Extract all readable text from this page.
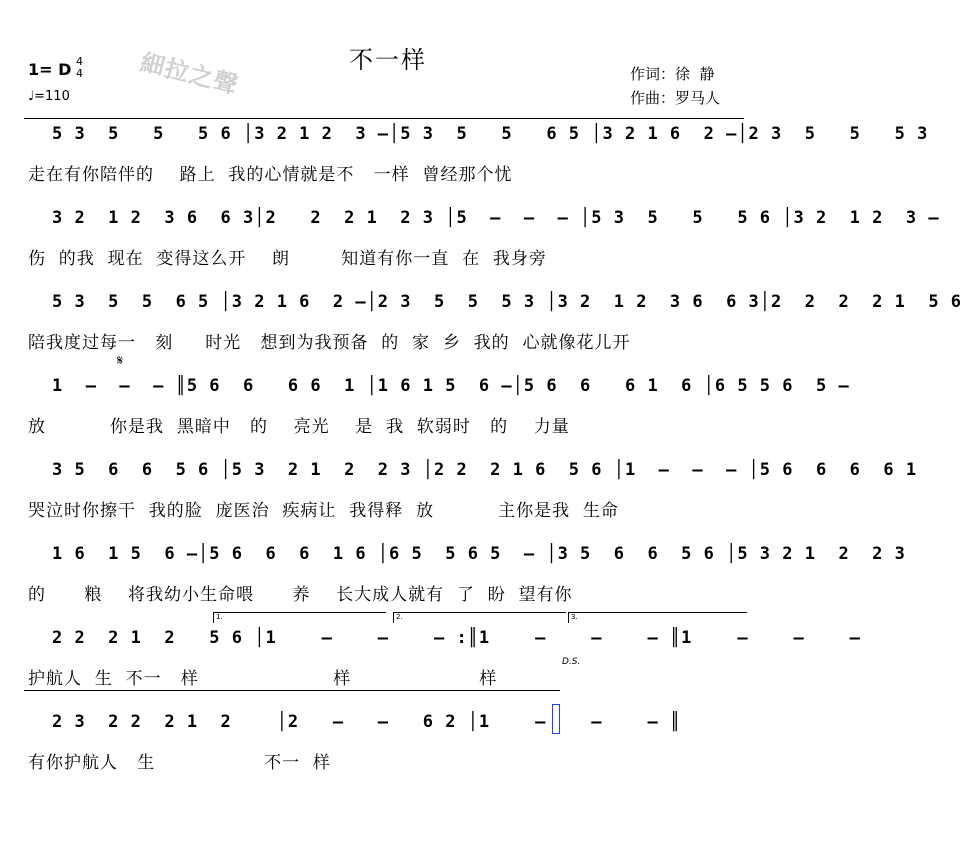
不一样
細拉之聲
1= D 4
4
♩=110
作词：徐  静
作曲：罗马人
5 3  5   5   5 6 │3 2 1 2  3 –│5 3  5   5   6 5 │3 2 1 6  2 –│2 3  5   5   5 3
走在有你陪伴的    路上  我的心情就是不   一样  曾经那个忧
3 2  1 2  3 6  6 3│2   2  2 1  2 3 │5  –  –  – │5 3  5   5   5 6 │3 2  1 2  3 –
伤  的我  现在  变得这么开    朗        知道有你一直  在  我身旁
5 3  5  5  6 5 │3 2 1 6  2 –│2 3  5  5  5 3 │3 2  1 2  3 6  6 3│2  2  2  2 1  5 6
陪我度过每一   刻     时光   想到为我预备  的  家  乡  我的  心就像花儿开
𝄋
1  –  –  – ║5 6  6   6 6  1 │1 6 1 5  6 –│5 6  6   6 1  6 │6 5 5 6  5 –
放          你是我  黑暗中   的    亮光    是  我  软弱时   的    力量
3 5  6  6  5 6 │5 3  2 1  2  2 3 │2 2  2 1 6  5 6 │1  –  –  – │5 6  6  6  6 1
哭泣时你擦干  我的脸  庞医治  疾病让  我得释  放          主你是我  生命
1 6  1 5  6 –│5 6  6  6  1 6 │6 5  5 6 5  – │3 5  6  6  5 6 │5 3 2 1  2  2 3
的      粮    将我幼小生命喂      养    长大成人就有  了  盼  望有你
1.	2.	3.
2 2  2 1  2   5 6 │1    –    –    – :║1    –    –    – ║1    –    –    –
D.S.
护航人  生  不一   样                     样                    样
2 3  2 2  2 1  2    │2   –   –   6 2 │1    –    –    – ║
有你护航人   生                 不一  样
